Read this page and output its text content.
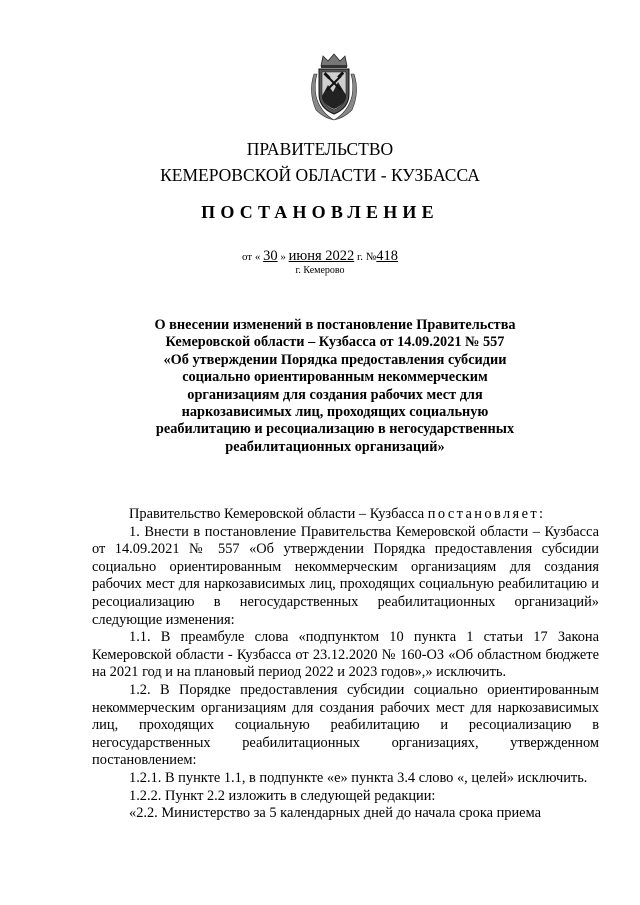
ПРАВИТЕЛЬСТВО
КЕМЕРОВСКОЙ ОБЛАСТИ - КУЗБАССА
ПОСТАНОВЛЕНИЕ
от « 30 » июня 2022 г. №418
г. Кемерово
О внесении изменений в постановление Правительства
Кемеровской области – Кузбасса от 14.09.2021 № 557
«Об утверждении Порядка предоставления субсидии
социально ориентированным некоммерческим
организациям для создания рабочих мест для
наркозависимых лиц, проходящих социальную
реабилитацию и ресоциализацию в негосударственных
реабилитационных организаций»

Правительство Кемеровской области – Кузбасса постановляет:

1. Внести в постановление Правительства Кемеровской области – Кузбасса от 14.09.2021 № 557 «Об утверждении Порядка предоставления субсидии социально ориентированным некоммерческим организациям для создания рабочих мест для наркозависимых лиц, проходящих социальную реабилитацию и ресоциализацию в негосударственных реабилитационных организаций» следующие изменения:

1.1. В преамбуле слова «подпунктом 10 пункта 1 статьи 17 Закона Кемеровской области - Кузбасса от 23.12.2020 № 160-ОЗ «Об областном бюджете на 2021 год и на плановый период 2022 и 2023 годов»,» исключить.

1.2. В Порядке предоставления субсидии социально ориентированным некоммерческим организациям для создания рабочих мест для наркозависимых лиц, проходящих социальную реабилитацию и ресоциализацию в негосударственных реабилитационных организациях, утвержденном постановлением:

1.2.1. В пункте 1.1, в подпункте «е» пункта 3.4 слово «, целей» исключить.

1.2.2. Пункт 2.2 изложить в следующей редакции:

«2.2. Министерство за 5 календарных дней до начала срока приема
